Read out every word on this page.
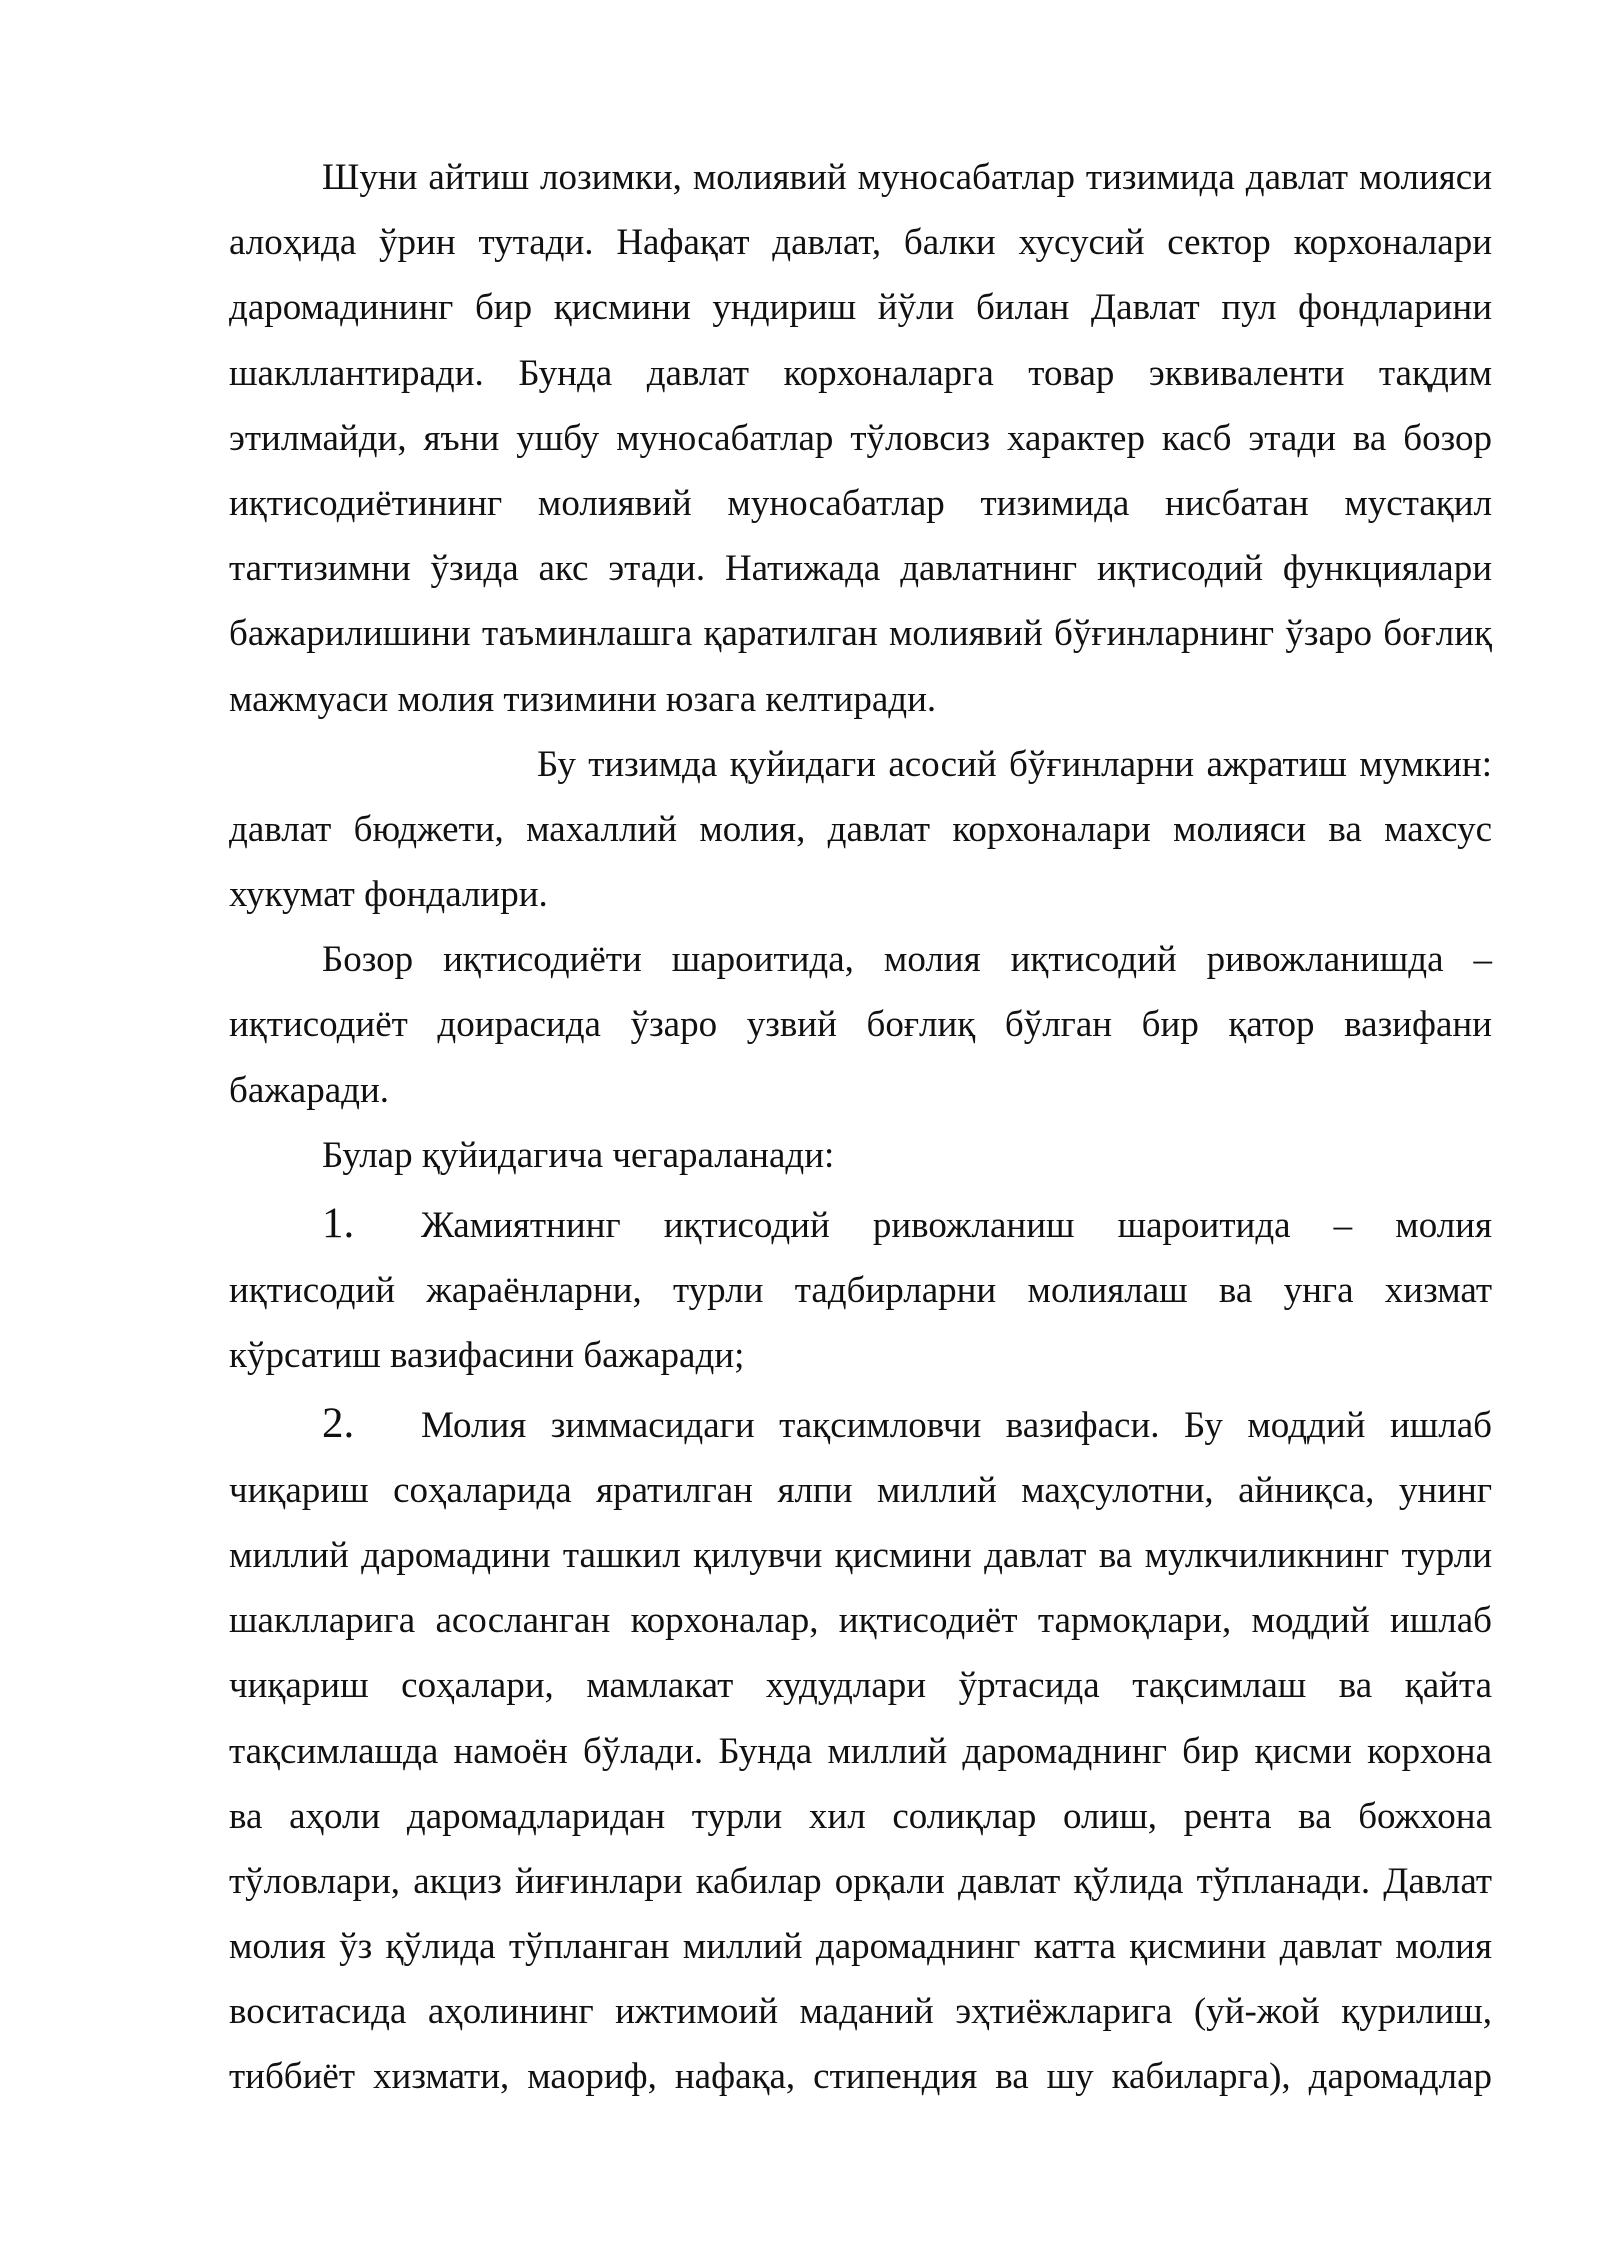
Шуни айтиш лозимки, молиявий муносабатлар тизимида давлат молияси
алоҳида ўрин тутади. Нафақат давлат, балки хусусий сектор корхоналари
даромадининг бир қисмини ундириш йўли билан Давлат пул фондларини
шакллантиради. Бунда давлат корхоналарга товар эквиваленти тақдим
этилмайди, яъни ушбу муносабатлар тўловсиз характер касб этади ва бозор
иқтисодиётининг молиявий муносабатлар тизимида нисбатан мустақил
тагтизимни ўзида акс этади. Натижада давлатнинг иқтисодий функциялари
бажарилишини таъминлашга қаратилган молиявий бўғинларнинг ўзаро боғлиқ
мажмуаси молия тизимини юзага келтиради.
Бу тизимда қуйидаги асосий бўғинларни ажратиш мумкин:
давлат бюджети, махаллий молия, давлат корхоналари молияси ва махсус
хукумат фондалири.
Бозор иқтисодиёти шароитида, молия иқтисодий ривожланишда –
иқтисодиёт доирасида ўзаро узвий боғлиқ бўлган бир қатор вазифани
бажаради.
Булар қуйидагича чегараланади:
1.	Жамиятнинг иқтисодий ривожланиш шароитида – молия
иқтисодий жараёнларни, турли тадбирларни молиялаш ва унга хизмат
кўрсатиш вазифасини бажаради;
2.	Молия зиммасидаги тақсимловчи вазифаси. Бу моддий ишлаб
чиқариш соҳаларида яратилган ялпи миллий маҳсулотни, айниқса, унинг
миллий даромадини ташкил қилувчи қисмини давлат ва мулкчиликнинг турли
шаклларига асосланган корхоналар, иқтисодиёт тармоқлари, моддий ишлаб
чиқариш соҳалари, мамлакат худудлари ўртасида тақсимлаш ва қайта
тақсимлашда намоён бўлади. Бунда миллий даромаднинг бир қисми корхона
ва аҳоли даромадларидан турли хил солиқлар олиш, рента ва божхона
тўловлари, акциз йиғинлари кабилар орқали давлат қўлида тўпланади. Давлат
молия ўз қўлида тўпланган миллий даромаднинг катта қисмини давлат молия
воситасида аҳолининг ижтимоий маданий эҳтиёжларига (уй-жой қурилиш,
тиббиёт хизмати, маориф, нафақа, стипендия ва шу кабиларга), даромадлар
